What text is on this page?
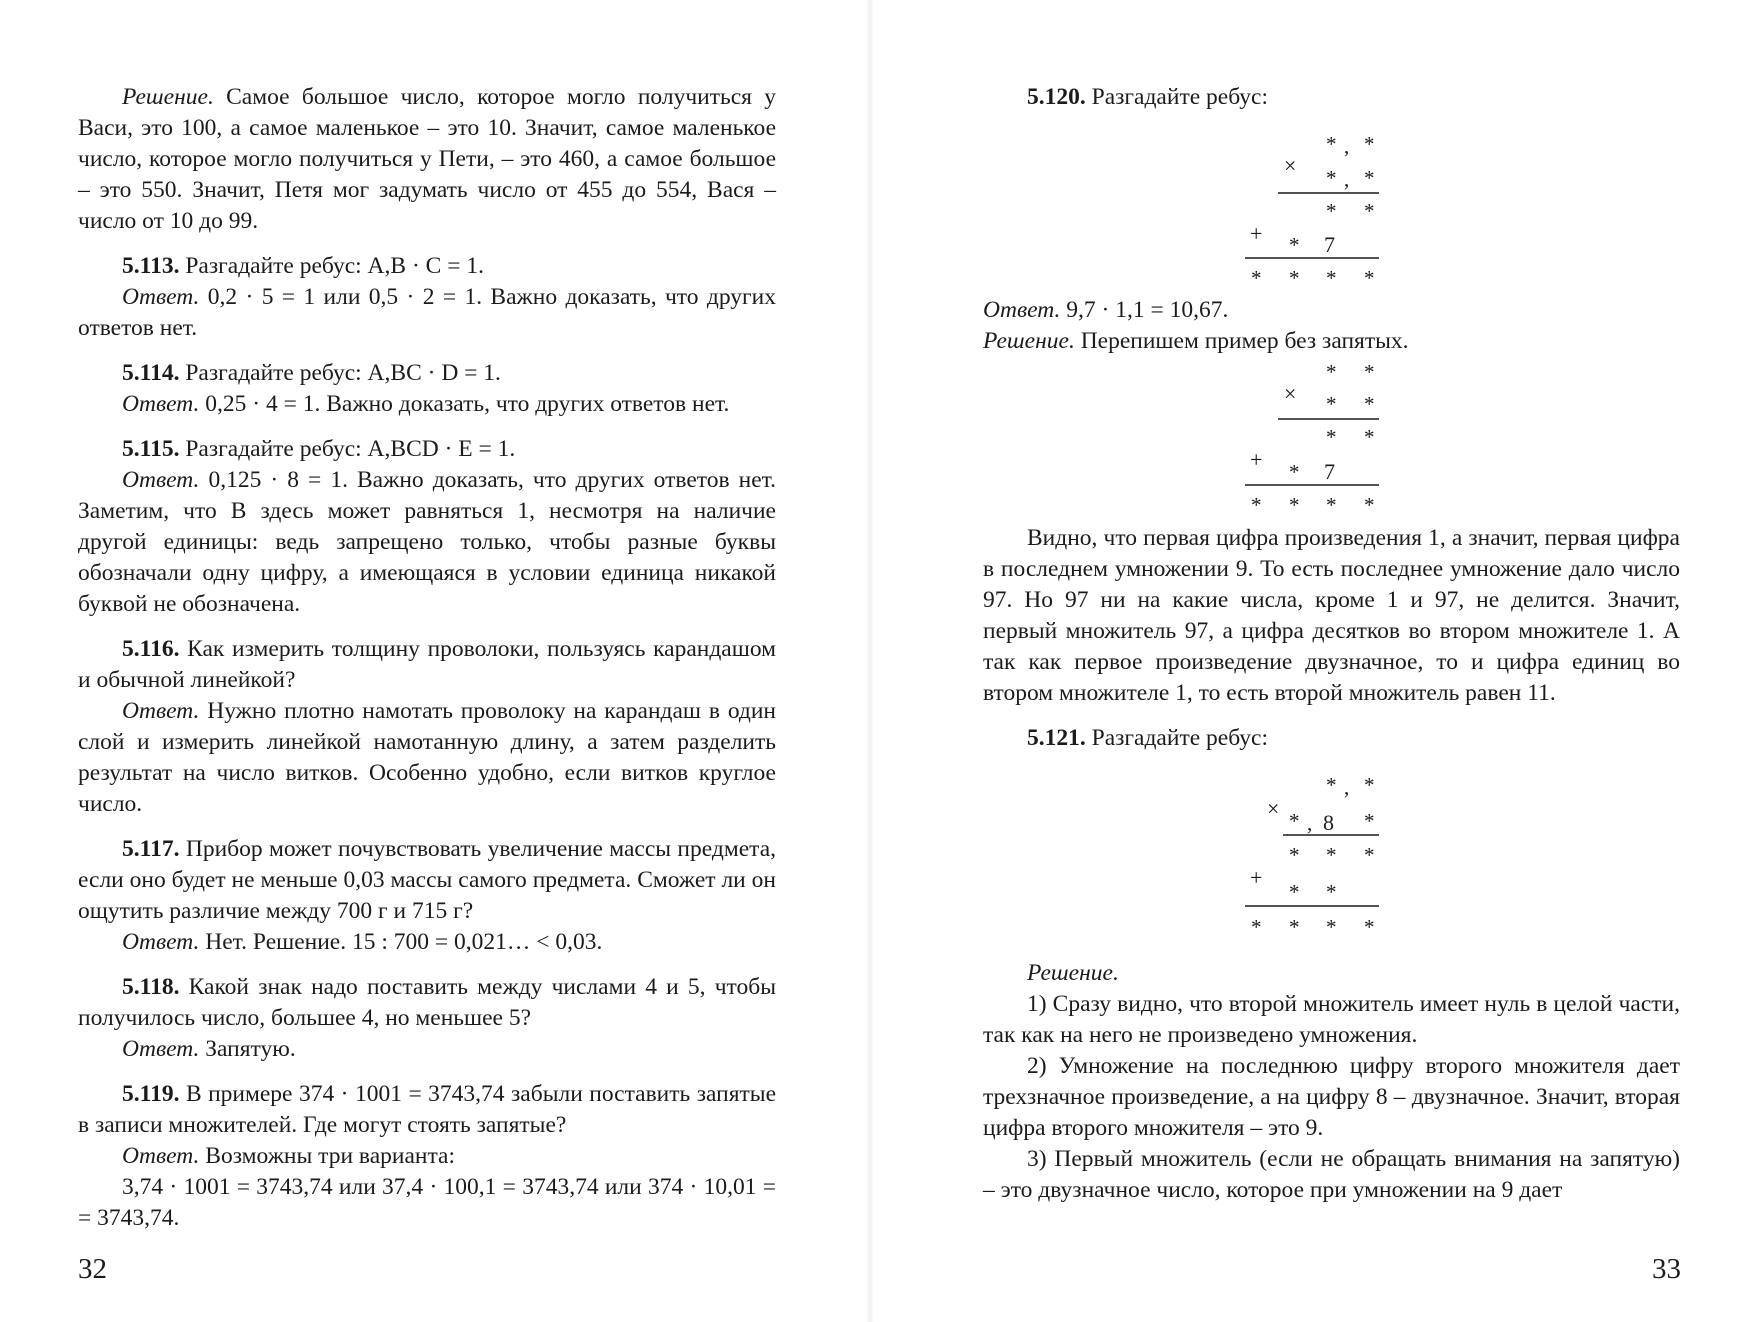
Решение. Самое большое число, которое могло получиться у Васи, это 100, а самое маленькое – это 10. Значит, самое маленькое число, которое могло получиться у Пети, – это 460, а самое большое – это 550. Значит, Петя мог задумать число от 455 до 554, Вася – число от 10 до 99.

5.113. Разгадайте ребус: A,B · C = 1.

Ответ. 0,2 · 5 = 1 или 0,5 · 2 = 1. Важно доказать, что других ответов нет.

5.114. Разгадайте ребус: A,BC · D = 1.

Ответ. 0,25 · 4 = 1. Важно доказать, что других ответов нет.

5.115. Разгадайте ребус: A,BCD · E = 1.

Ответ. 0,125 · 8 = 1. Важно доказать, что других ответов нет. Заметим, что B здесь может равняться 1, несмотря на наличие другой единицы: ведь запрещено только, чтобы разные буквы обозначали одну цифру, а имеющаяся в условии единица никакой буквой не обозначена.

5.116. Как измерить толщину проволоки, пользуясь карандашом и обычной линейкой?

Ответ. Нужно плотно намотать проволоку на карандаш в один слой и измерить линейкой намотанную длину, а затем разделить результат на число витков. Особенно удобно, если витков круглое число.

5.117. Прибор может почувствовать увеличение массы предмета, если оно будет не меньше 0,03 массы самого предмета. Сможет ли он ощутить различие между 700 г и 715 г?

Ответ. Нет. Решение. 15 : 700 = 0,021… < 0,03.

5.118. Какой знак надо поставить между числами 4 и 5, чтобы получилось число, большее 4, но меньшее 5?

Ответ. Запятую.

5.119. В примере 374 · 1001 = 3743,74 забыли поставить запятые в записи множителей. Где могут стоять запятые?

Ответ. Возможны три варианта:

3,74 · 1001 = 3743,74 или 37,4 · 100,1 = 3743,74 или 374 · 10,01 = = 3743,74.

32

5.120. Разгадайте ребус:

* , *
× * , *
* *
+ * 7
* * * *

Ответ. 9,7 · 1,1 = 10,67.

Решение. Перепишем пример без запятых.

* *
× * *
* *
+ * 7
* * * *

Видно, что первая цифра произведения 1, а значит, первая цифра в последнем умножении 9. То есть последнее умножение дало число 97. Но 97 ни на какие числа, кроме 1 и 97, не делится. Значит, первый множитель 97, а цифра десятков во втором множителе 1. А так как первое произведение двузначное, то и цифра единиц во втором множителе 1, то есть второй множитель равен 11.

5.121. Разгадайте ребус:

* , *
× * , 8 *
* * *
+
* *
* * * *

Решение.

1) Сразу видно, что второй множитель имеет нуль в целой части, так как на него не произведено умножения.

2) Умножение на последнюю цифру второго множителя дает трехзначное произведение, а на цифру 8 – двузначное. Значит, вторая цифра второго множителя – это 9.

3) Первый множитель (если не обращать внимания на запятую) – это двузначное число, которое при умножении на 9 дает

33
